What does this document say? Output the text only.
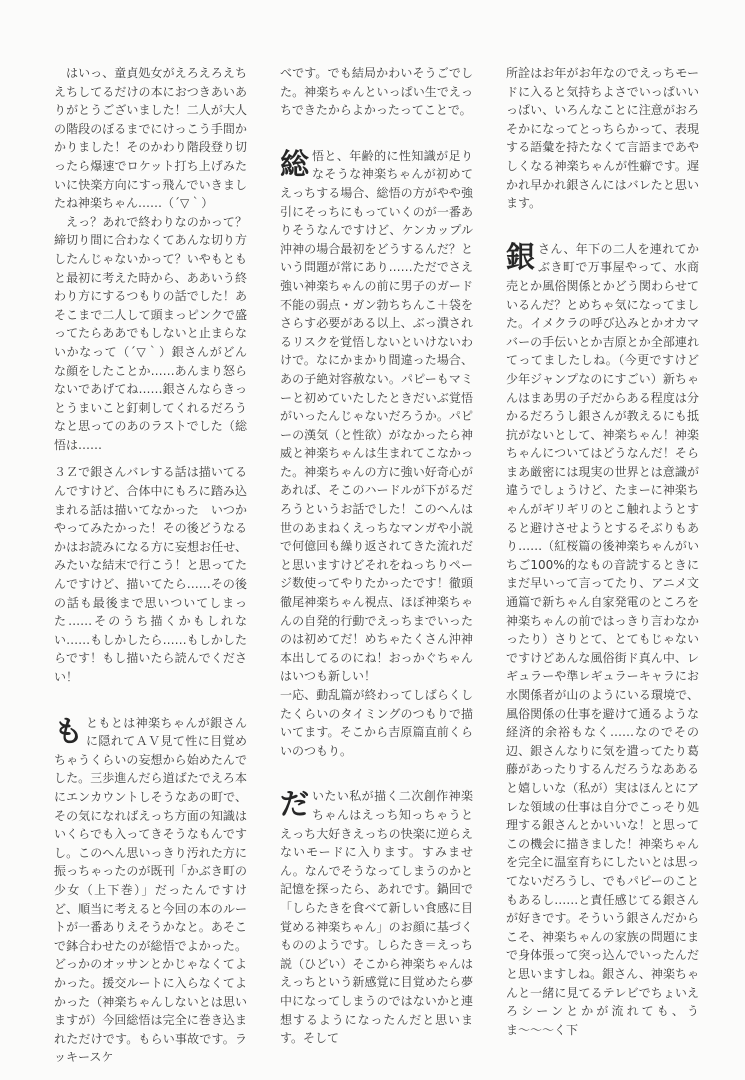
はいっ、童貞処女がえろえろえちえちしてるだけの本におつきあいありがとうございました！二人が大人の階段のぼるまでにけっこう手間かかりました！そのかわり階段登り切ったら爆速でロケット打ち上げみたいに快楽方向にすっ飛んでいきましたね神楽ちゃん……（´▽｀）

えっ？あれで終わりなのかって？締切り間に合わなくてあんな切り方したんじゃないかって？いやもともと最初に考えた時から、ああいう終わり方にするつもりの話でした！あそこまで二人して頭まっピンクで盛ってたらああでもしないと止まらないかなって（´▽｀）銀さんがどんな顔をしたことか……あんまり怒らないであげてね……銀さんならきっとうまいこと釘刺してくれるだろうなと思ってのあのラストでした（総悟は……

３Ｚで銀さんバレする話は描いてるんですけど、合体中にもろに踏み込まれる話は描いてなかった　いつかやってみたかった！その後どうなるかはお読みになる方に妄想お任せ、みたいな結末で行こう！と思ってたんですけど、描いてたら……その後の話も最後まで思いついてしまった……そのうち描くかもしれない……もしかしたら……もしかしたらです！もし描いたら読んでください！

もともとは神楽ちゃんが銀さんに隠れてＡＶ見て性に目覚めちゃうくらいの妄想から始めたんでした。三歩進んだら道ばたでえろ本にエンカウントしそうなあの町で、その気になればえっち方面の知識はいくらでも入ってきそうなもんですし。このへん思いっきり汚れた方に振っちゃったのが既刊「かぶき町の少女（上下巻）」だったんですけど、順当に考えると今回の本のルートが一番ありえそうかなと。あそこで鉢合わせたのが総悟でよかった。どっかのオッサンとかじゃなくてよかった。援交ルートに入らなくてよかった（神楽ちゃんしないとは思いますが）今回総悟は完全に巻き込まれただけです。もらい事故です。ラッキースケ

べです。でも結局かわいそうごでした。神楽ちゃんといっぱい生でえっちできたからよかったってことで。

総悟と、年齢的に性知識が足りなそうな神楽ちゃんが初めてえっちする場合、総悟の方がやや強引にそっちにもっていくのが一番ありそうなんですけど、ケンカップル沖神の場合最初をどうするんだ？という問題が常にあり……ただでさえ強い神楽ちゃんの前に男子のガード不能の弱点・ガン勃ちちんこ＋袋をさらす必要がある以上、ぶっ潰されるリスクを覚悟しないといけないわけで。なにかまかり間違った場合、あの子絶対容赦ない。パピーもマミーと初めていたしたときだいぶ覚悟がいったんじゃないだろうか。パピーの漢気（と性欲）がなかったら神威と神楽ちゃんは生まれてこなかった。神楽ちゃんの方に強い好奇心があれば、そこのハードルが下がるだろうというお話でした！このへんは世のあまねくえっちなマンガや小説で何億回も繰り返されてきた流れだと思いますけどそれをねっちりページ数使ってやりたかったです！徹頭徹尾神楽ちゃん視点、ほぼ神楽ちゃんの自発的行動でえっちまでいったのは初めてだ！めちゃたくさん沖神本出してるのにね！おっかぐちゃんはいつも新しい！

一応、動乱篇が終わってしばらくしたくらいのタイミングのつもりで描いてます。そこから吉原篇直前くらいのつもり。

だいたい私が描く二次創作神楽ちゃんはえっち知っちゃうとえっち大好きえっちの快楽に逆らえないモードに入ります。すみません。なんでそうなってしまうのかと記憶を探ったら、あれです。鍋回で「しらたきを食べて新しい食感に目覚める神楽ちゃん」のお顔に基づくもののようです。しらたき＝えっち説（ひどい）そこから神楽ちゃんはえっちという新感覚に目覚めたら夢中になってしまうのではないかと連想するようになったんだと思います。そして

所詮はお年がお年なのでえっちモードに入ると気持ちよさでいっぱいいっぱい、いろんなことに注意がおろそかになってとっちらかって、表現する語彙を持たなくて言語まであやしくなる神楽ちゃんが性癖です。遅かれ早かれ銀さんにはバレたと思います。

銀さん、年下の二人を連れてかぶき町で万事屋やって、水商売とか風俗関係とかどう関わらせているんだ？とめちゃ気になってました。イメクラの呼び込みとかオカマバーの手伝いとか吉原とか全部連れてってましたしね。（今更ですけど少年ジャンプなのにすごい）新ちゃんはまあ男の子だからある程度は分かるだろうし銀さんが教えるにも抵抗がないとして、神楽ちゃん！神楽ちゃんについてはどうなんだ！そらまあ厳密には現実の世界とは意識が違うでしょうけど、たまーに神楽ちゃんがギリギリのとこ触れようとすると避けさせようとするそぶりもあり……（紅桜篇の後神楽ちゃんがいちご100%的なもの音読するときにまだ早いって言ってたり、アニメ文通篇で新ちゃん自家発電のところを神楽ちゃんの前ではっきり言わなかったり）さりとて、とてもじゃないですけどあんな風俗街ド真ん中、レギュラーや準レギュラーキャラにお水関係者が山のようにいる環境で、風俗関係の仕事を避けて通るような経済的余裕もなく……なのでその辺、銀さんなりに気を遣ってたり葛藤があったりするんだろうなああると嬉しいな（私が）実はほんとにアレな領域の仕事は自分でこっそり処理する銀さんとかいいな！と思ってこの機会に描きました！神楽ちゃんを完全に温室育ちにしたいとは思ってないだろうし、でもパピーのこともあるし……と責任感じてる銀さんが好きです。そういう銀さんだからこそ、神楽ちゃんの家族の問題にまで身体張って突っ込んでいったんだと思いますしね。銀さん、神楽ちゃんと一緒に見てるテレビでちょいえろシーンとかが流れても、うま〜〜〜く下
